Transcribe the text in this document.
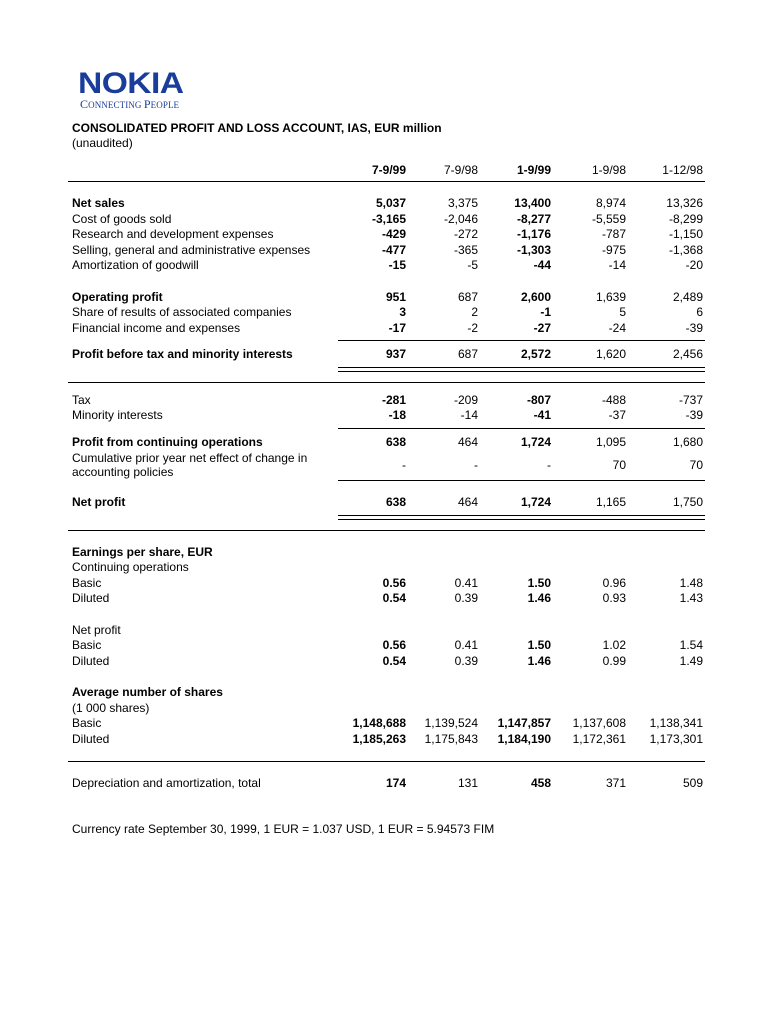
NOKIA
CONNECTING PEOPLE
CONSOLIDATED PROFIT AND LOSS ACCOUNT, IAS, EUR million
(unaudited)
7-9/99	7-9/98	1-9/99	1-9/98	1-12/98
Net sales	5,037	3,375	13,400	8,974	13,326
Cost of goods sold	-3,165	-2,046	-8,277	-5,559	-8,299
Research and development expenses	-429	-272	-1,176	-787	-1,150
Selling, general and administrative expenses	-477	-365	-1,303	-975	-1,368
Amortization of goodwill	-15	-5	-44	-14	-20
Operating profit	951	687	2,600	1,639	2,489
Share of results of associated companies	3	2	-1	5	6
Financial income and expenses	-17	-2	-27	-24	-39
Profit before tax and minority interests	937	687	2,572	1,620	2,456
Tax	-281	-209	-807	-488	-737
Minority interests	-18	-14	-41	-37	-39
Profit from continuing operations	638	464	1,724	1,095	1,680
Cumulative prior year net effect of change in
accounting policies	-	-	-	70	70
Net profit	638	464	1,724	1,165	1,750
Earnings per share, EUR
Continuing operations
Basic	0.56	0.41	1.50	0.96	1.48
Diluted	0.54	0.39	1.46	0.93	1.43
Net profit
Basic	0.56	0.41	1.50	1.02	1.54
Diluted	0.54	0.39	1.46	0.99	1.49
Average number of shares
(1 000 shares)
Basic	1,148,688	1,139,524	1,147,857	1,137,608	1,138,341
Diluted	1,185,263	1,175,843	1,184,190	1,172,361	1,173,301
Depreciation and amortization, total	174	131	458	371	509
Currency rate September 30, 1999, 1 EUR = 1.037 USD, 1 EUR = 5.94573 FIM
